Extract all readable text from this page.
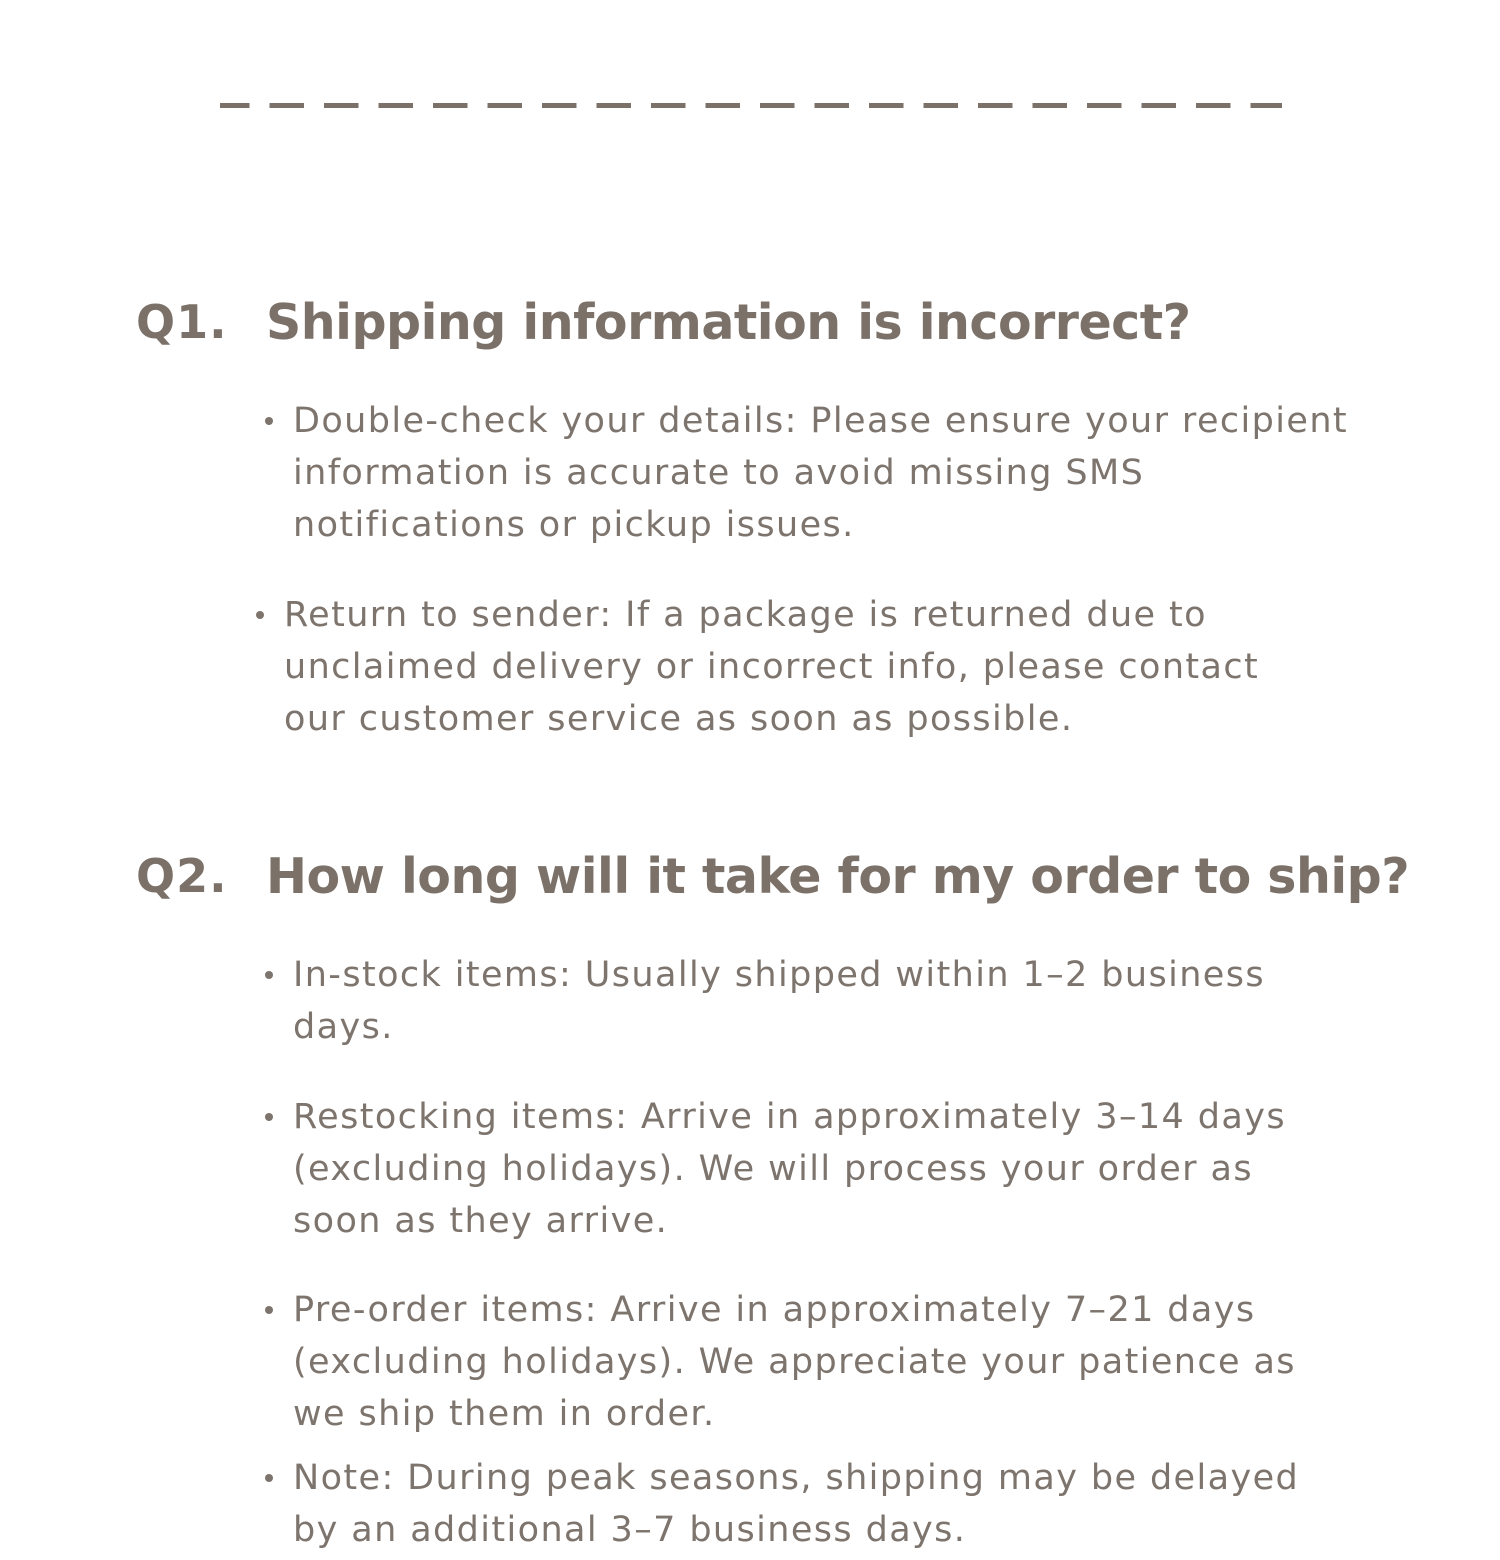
Q1. Shipping information is incorrect?
Double-check your details: Please ensure your recipient information is accurate to avoid missing SMS notifications or pickup issues.
Return to sender: If a package is returned due to unclaimed delivery or incorrect info, please contact our customer service as soon as possible.
Q2. How long will it take for my order to ship?
In-stock items: Usually shipped within 1–2 business days.
Restocking items: Arrive in approximately 3–14 days (excluding holidays). We will process your order as soon as they arrive.
Pre-order items: Arrive in approximately 7–21 days (excluding holidays). We appreciate your patience as we ship them in order.
Note: During peak seasons, shipping may be delayed by an additional 3–7 business days.
